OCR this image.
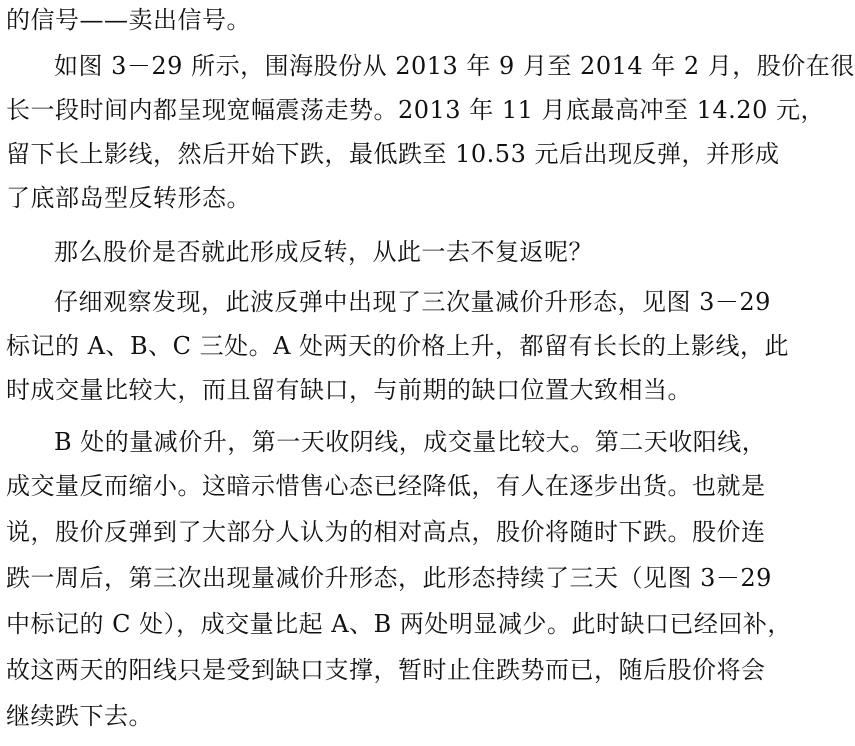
的信号——卖出信号。
如图 3－29 所示，围海股份从 2013 年 9 月至 2014 年 2 月，股价在很
长一段时间内都呈现宽幅震荡走势。2013 年 11 月底最高冲至 14.20 元，
留下长上影线，然后开始下跌，最低跌至 10.53 元后出现反弹，并形成
了底部岛型反转形态。
那么股价是否就此形成反转，从此一去不复返呢？
仔细观察发现，此波反弹中出现了三次量减价升形态，见图 3－29
标记的 A、B、C 三处。A 处两天的价格上升，都留有长长的上影线，此
时成交量比较大，而且留有缺口，与前期的缺口位置大致相当。
B 处的量减价升，第一天收阴线，成交量比较大。第二天收阳线，
成交量反而缩小。这暗示惜售心态已经降低，有人在逐步出货。也就是
说，股价反弹到了大部分人认为的相对高点，股价将随时下跌。股价连
跌一周后，第三次出现量减价升形态，此形态持续了三天（见图 3－29
中标记的 C 处），成交量比起 A、B 两处明显减少。此时缺口已经回补，
故这两天的阳线只是受到缺口支撑，暂时止住跌势而已，随后股价将会
继续跌下去。
